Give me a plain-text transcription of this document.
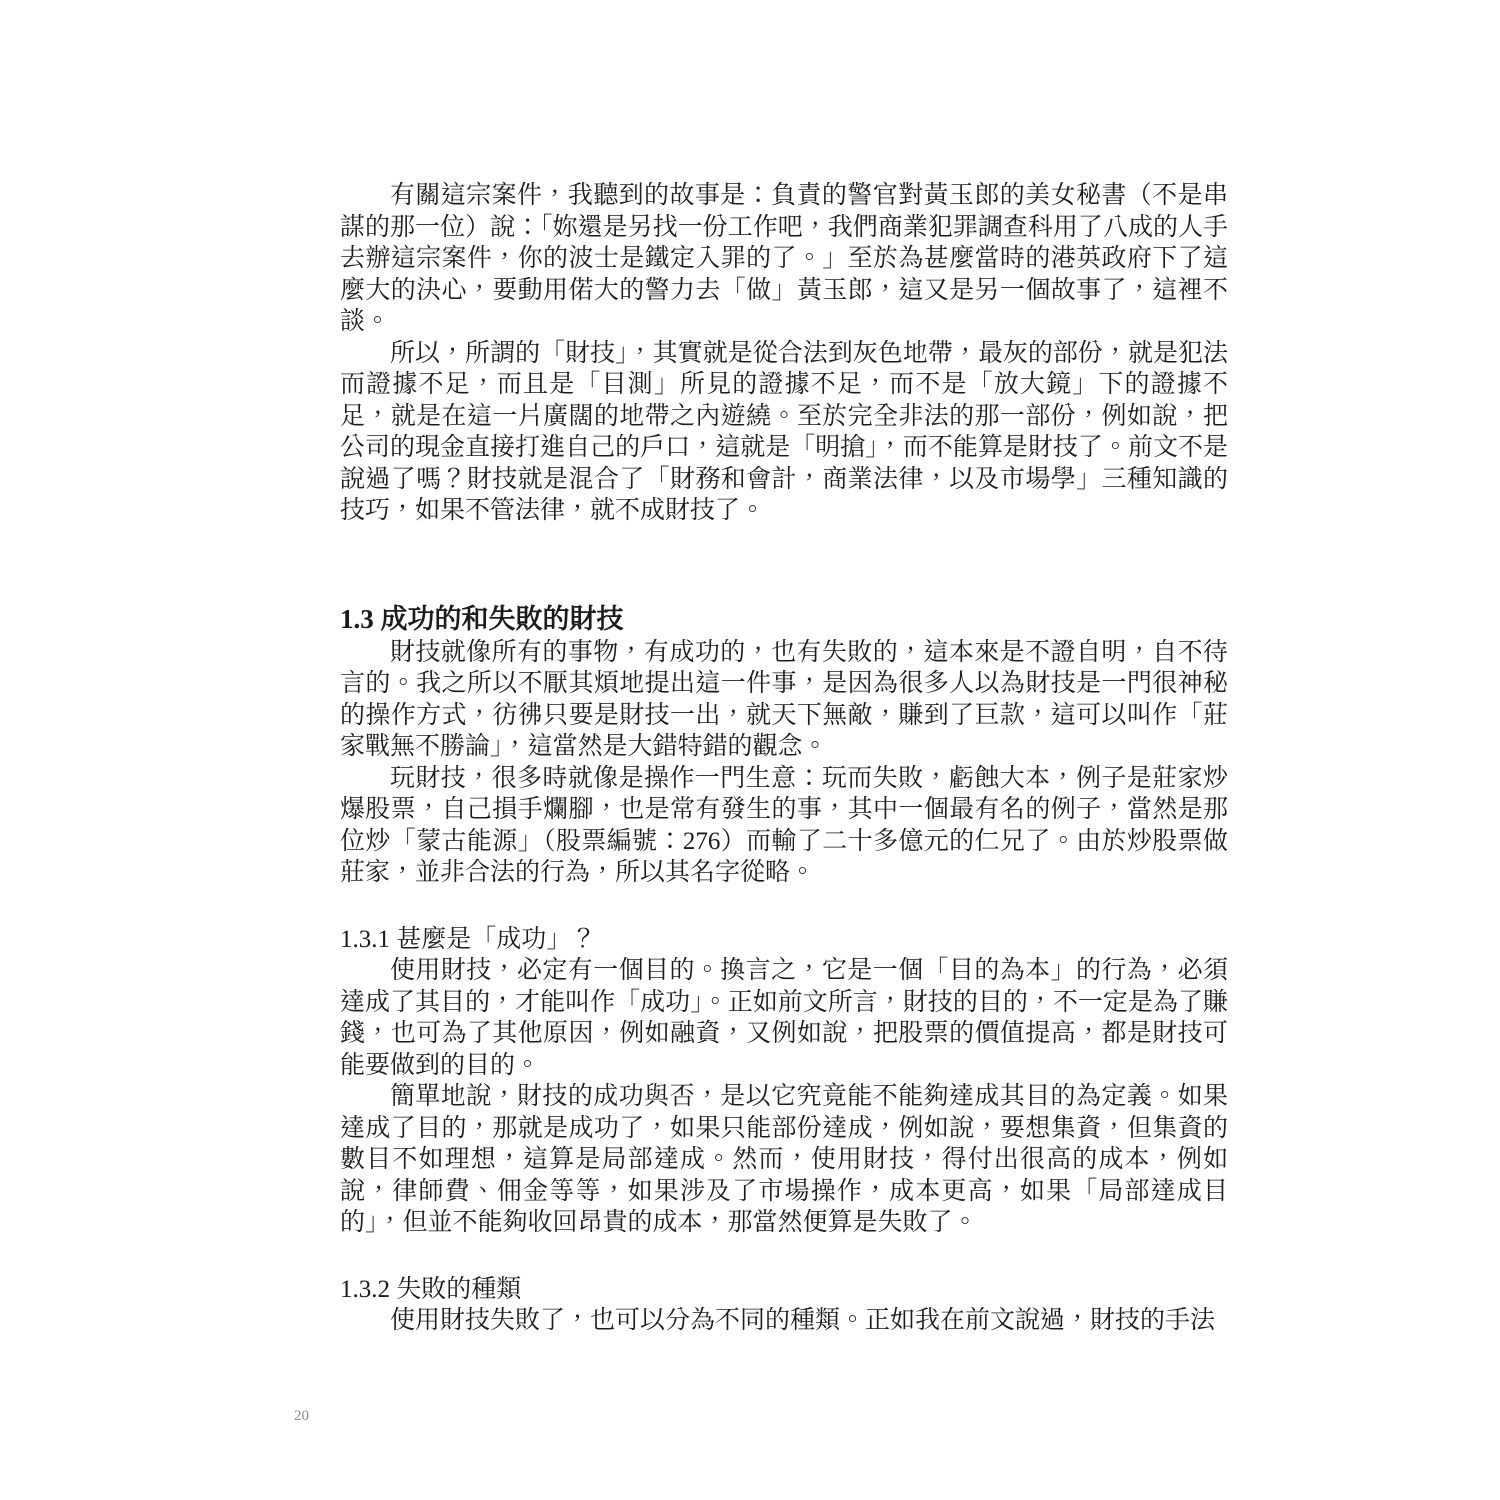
有關這宗案件，我聽到的故事是：負責的警官對黃玉郎的美女秘書（不是串謀的那一位）說：「妳還是另找一份工作吧，我們商業犯罪調查科用了八成的人手去辦這宗案件，你的波士是鐵定入罪的了。」至於為甚麼當時的港英政府下了這麼大的決心，要動用偌大的警力去「做」黃玉郎，這又是另一個故事了，這裡不談。

所以，所謂的「財技」，其實就是從合法到灰色地帶，最灰的部份，就是犯法而證據不足，而且是「目測」所見的證據不足，而不是「放大鏡」下的證據不足，就是在這一片廣闊的地帶之內遊繞。至於完全非法的那一部份，例如說，把公司的現金直接打進自己的戶口，這就是「明搶」，而不能算是財技了。前文不是說過了嗎？財技就是混合了「財務和會計，商業法律，以及市場學」三種知識的技巧，如果不管法律，就不成財技了。

1.3 成功的和失敗的財技

財技就像所有的事物，有成功的，也有失敗的，這本來是不證自明，自不待言的。我之所以不厭其煩地提出這一件事，是因為很多人以為財技是一門很神秘的操作方式，彷彿只要是財技一出，就天下無敵，賺到了巨款，這可以叫作「莊家戰無不勝論」，這當然是大錯特錯的觀念。

玩財技，很多時就像是操作一門生意：玩而失敗，虧蝕大本，例子是莊家炒爆股票，自己損手爛腳，也是常有發生的事，其中一個最有名的例子，當然是那位炒「蒙古能源」（股票編號：276）而輸了二十多億元的仁兄了。由於炒股票做莊家，並非合法的行為，所以其名字從略。

1.3.1 甚麼是「成功」？

使用財技，必定有一個目的。換言之，它是一個「目的為本」的行為，必須達成了其目的，才能叫作「成功」。正如前文所言，財技的目的，不一定是為了賺錢，也可為了其他原因，例如融資，又例如說，把股票的價值提高，都是財技可能要做到的目的。

簡單地說，財技的成功與否，是以它究竟能不能夠達成其目的為定義。如果達成了目的，那就是成功了，如果只能部份達成，例如說，要想集資，但集資的數目不如理想，這算是局部達成。然而，使用財技，得付出很高的成本，例如說，律師費、佣金等等，如果涉及了市場操作，成本更高，如果「局部達成目的」，但並不能夠收回昂貴的成本，那當然便算是失敗了。

1.3.2 失敗的種類

使用財技失敗了，也可以分為不同的種類。正如我在前文說過，財技的手法

20
